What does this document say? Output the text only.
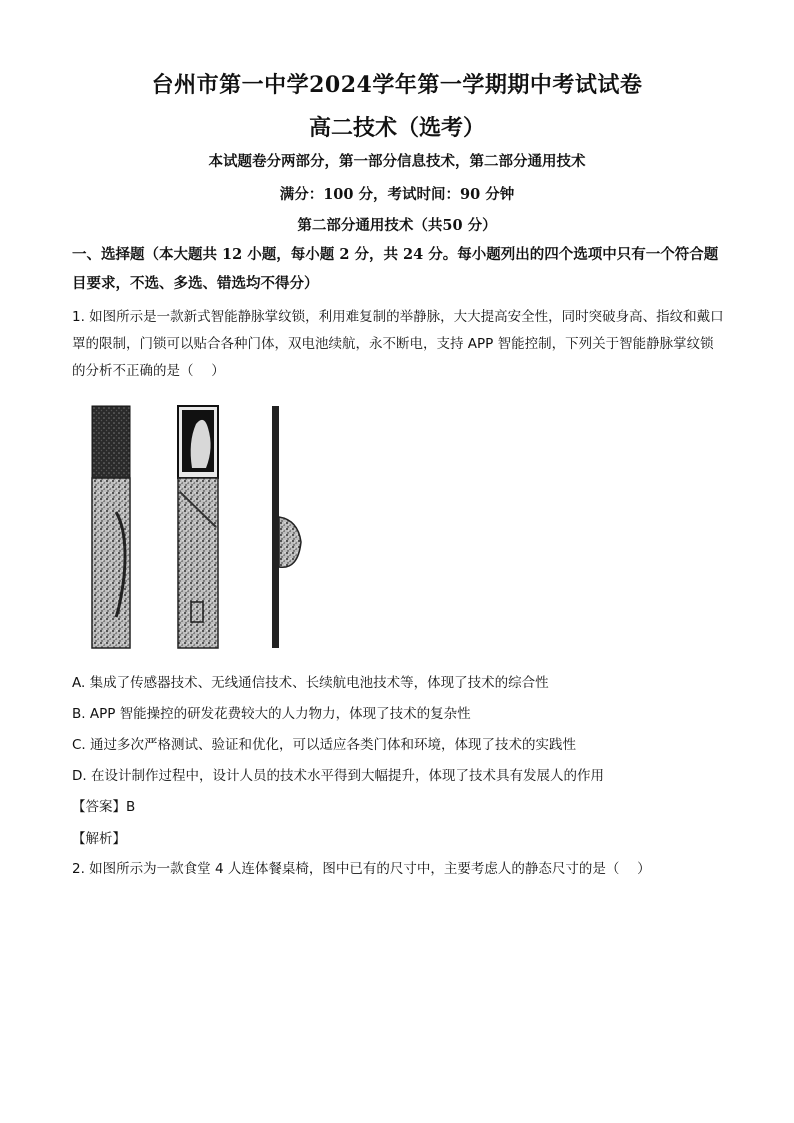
台州市第一中学2024学年第一学期期中考试试卷
高二技术（选考）
本试题卷分两部分，第一部分信息技术，第二部分通用技术
满分：100 分，考试时间：90 分钟
第二部分通用技术（共50 分）
一、选择题（本大题共 12 小题，每小题 2 分，共 24 分。每小题列出的四个选项中只有一个符合题目要求，不选、多选、错选均不得分）
1. 如图所示是一款新式智能静脉掌纹锁，利用难复制的举静脉，大大提高安全性，同时突破身高、指纹和戴口罩的限制，门锁可以贴合各种门体，双电池续航，永不断电，支持 APP 智能控制，下列关于智能静脉掌纹锁的分析不正确的是（　 ）
A. 集成了传感器技术、无线通信技术、长续航电池技术等，体现了技术的综合性
B. APP 智能操控的研发花费较大的人力物力，体现了技术的复杂性
C. 通过多次严格测试、验证和优化，可以适应各类门体和环境，体现了技术的实践性
D. 在设计制作过程中，设计人员的技术水平得到大幅提升，体现了技术具有发展人的作用
【答案】B
【解析】
2. 如图所示为一款食堂 4 人连体餐桌椅，图中已有的尺寸中，主要考虑人的静态尺寸的是（　 ）
